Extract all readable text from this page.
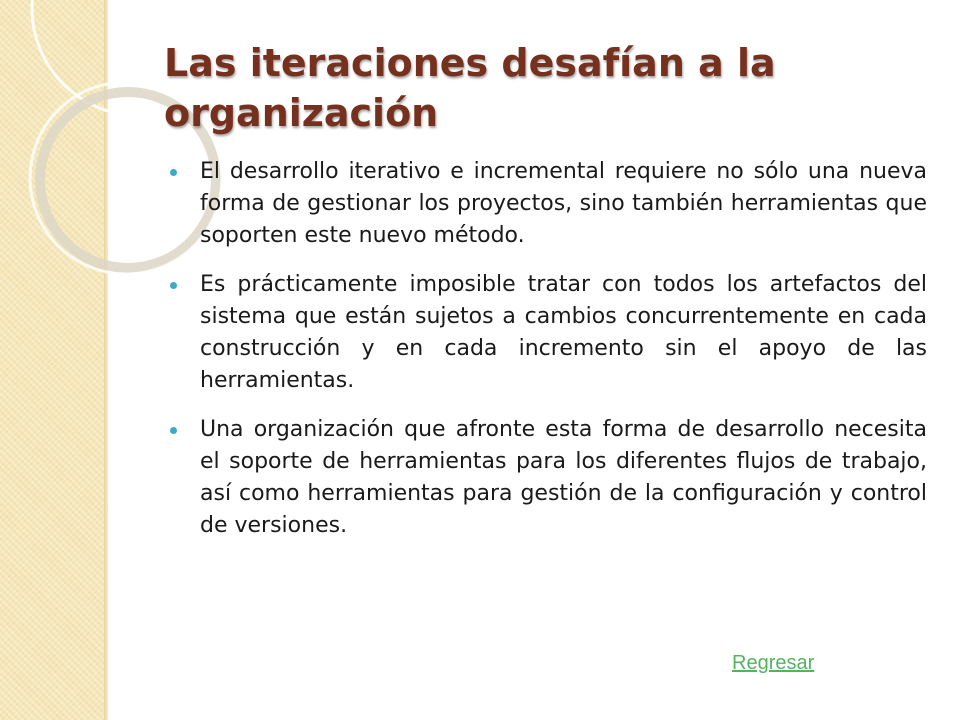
Las iteraciones desafían a la organización
El desarrollo iterativo e incremental requiere no sólo una nueva forma de gestionar los proyectos, sino también herramientas que soporten este nuevo método.
Es prácticamente imposible tratar con todos los artefactos del sistema que están sujetos a cambios concurrentemente en cada construcción y en cada incremento sin el apoyo de las herramientas.
Una organización que afronte esta forma de desarrollo necesita el soporte de herramientas para los diferentes flujos de trabajo, así como herramientas para gestión de la configuración y control de versiones.
Regresar
